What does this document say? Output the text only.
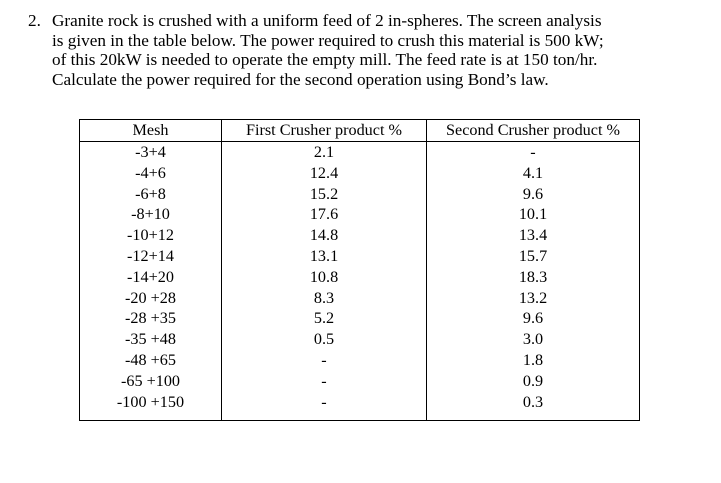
2. Granite rock is crushed with a uniform feed of 2 in-spheres. The screen analysis
is given in the table below. The power required to crush this material is 500 kW;
of this 20kW is needed to operate the empty mill. The feed rate is at 150 ton/hr.
Calculate the power required for the second operation using Bond’s law.
Mesh	First Crusher product %	Second Crusher product %
-3+4	2.1	-
-4+6	12.4	4.1
-6+8	15.2	9.6
-8+10	17.6	10.1
-10+12	14.8	13.4
-12+14	13.1	15.7
-14+20	10.8	18.3
-20 +28	8.3	13.2
-28 +35	5.2	9.6
-35 +48	0.5	3.0
-48 +65	-	1.8
-65 +100	-	0.9
-100 +150	-	0.3
